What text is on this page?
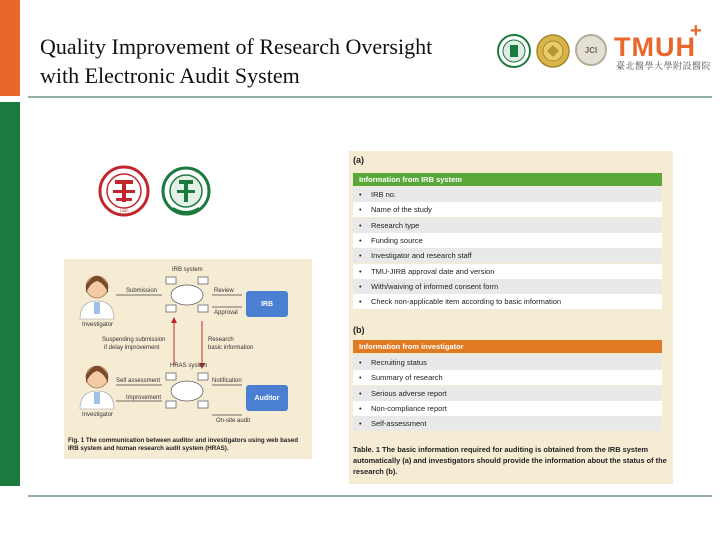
Quality Improvement of Research Oversight
with Electronic Audit System
JCI TMUH
+
臺北醫學大學附設醫院
1960
IRB
Auditor
IRB system
Submission	Review
Approval
Investigator
Suspending submission
if delay improvement
Research
basic information
HRAS system
Self assessment	Notification
Improvement
On-site audit
Investigator
Fig. 1 The communication between auditor and investigators using web based IRB system and human research audit system (HRAS).
(a)
Information from IRB system
• IRB no.
• Name of the study
• Research type
• Funding source
• Investigator and research staff
• TMU-JIRB approval date and version
• With/waiving of informed consent form
• Check non-applicable item according to basic information
(b)
Information from investigator
• Recruiting status
• Summary of research
• Serious adverse report
• Non-compliance report
• Self-assessment
Table. 1 The basic information required for auditing is obtained from the IRB system automatically (a) and investigators should provide the information about the status of the research (b).
